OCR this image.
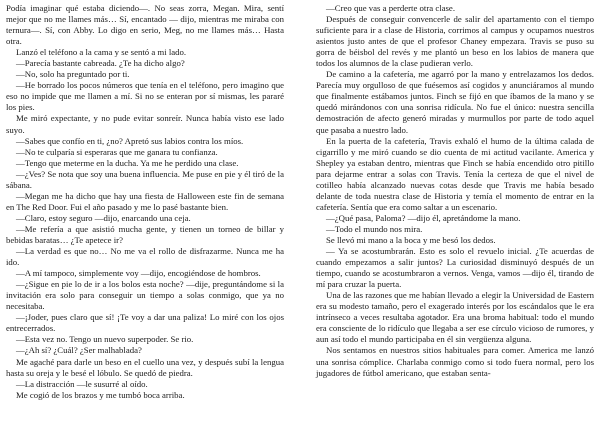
Podía imaginar qué estaba diciendo—. No seas zorra, Megan. Mira, sentí mejor que no me llames más… Sí, encantado — dijo, mientras me miraba con ternura—. Sí, con Abby. Lo digo en serio, Meg, no me llames más… Hasta otra.

Lanzó el teléfono a la cama y se sentó a mi lado.

—Parecía bastante cabreada. ¿Te ha dicho algo?

—No, solo ha preguntado por ti.

—He borrado los pocos números que tenía en el teléfono, pero imagino que eso no impide que me llamen a mí. Si no se enteran por sí mismas, les pararé los pies.

Me miró expectante, y no pude evitar sonreír. Nunca había visto ese lado suyo.

—Sabes que confío en ti, ¿no? Apretó sus labios contra los míos.

—No te culparía si esperaras que me ganara tu confianza.

—Tengo que meterme en la ducha. Ya me he perdido una clase.

—¿Ves? Se nota que soy una buena influencia. Me puse en pie y él tiró de la sábana.

—Megan me ha dicho que hay una fiesta de Halloween este fin de semana en The Red Door. Fui el año pasado y me lo pasé bastante bien.

—Claro, estoy seguro —dijo, enarcando una ceja.

—Me refería a que asistió mucha gente, y tienen un torneo de billar y bebidas baratas… ¿Te apetece ir?

—La verdad es que no… No me va el rollo de disfrazarme. Nunca me ha ido.

—A mí tampoco, simplemente voy —dijo, encogiéndose de hombros.

—¿Sigue en pie lo de ir a los bolos esta noche? —dije, preguntándome si la invitación era solo para conseguir un tiempo a solas conmigo, que ya no necesitaba.

—¡Joder, pues claro que sí! ¡Te voy a dar una paliza! Lo miré con los ojos entrecerrados.

—Esta vez no. Tengo un nuevo superpoder. Se rio.

—¿Ah sí? ¿Cuál? ¿Ser malhablada?

Me agaché para darle un beso en el cuello una vez, y después subí la lengua hasta su oreja y le besé el lóbulo. Se quedó de piedra.

—La distracción —le susurré al oído.

Me cogió de los brazos y me tumbó boca arriba.

—Creo que vas a perderte otra clase.

Después de conseguir convencerle de salir del apartamento con el tiempo suficiente para ir a clase de Historia, corrimos al campus y ocupamos nuestros asientos justo antes de que el profesor Chaney empezara. Travis se puso su gorra de béisbol del revés y me plantó un beso en los labios de manera que todos los alumnos de la clase pudieran verlo.

De camino a la cafetería, me agarró por la mano y entrelazamos los dedos. Parecía muy orgulloso de que fuésemos así cogidos y anunciáramos al mundo que finalmente estábamos juntos. Finch se fijó en que íbamos de la mano y se quedó mirándonos con una sonrisa ridícula. No fue el único: nuestra sencilla demostración de afecto generó miradas y murmullos por parte de todo aquel que pasaba a nuestro lado.

En la puerta de la cafetería, Travis exhaló el humo de la última calada de cigarrillo y me miró cuando se dio cuenta de mi actitud vacilante. America y Shepley ya estaban dentro, mientras que Finch se había encendido otro pitillo para dejarme entrar a solas con Travis. Tenía la certeza de que el nivel de cotilleo había alcanzado nuevas cotas desde que Travis me había besado delante de toda nuestra clase de Historia y temía el momento de entrar en la cafetería. Sentía que era como saltar a un escenario.

—¿Qué pasa, Paloma? —dijo él, apretándome la mano.

—Todo el mundo nos mira.

Se llevó mi mano a la boca y me besó los dedos.

— Ya se acostumbrarán. Esto es solo el revuelo inicial. ¿Te acuerdas de cuando empezamos a salir juntos? La curiosidad disminuyó después de un tiempo, cuando se acostumbraron a vernos. Venga, vamos —dijo él, tirando de mí para cruzar la puerta.

Una de las razones que me habían llevado a elegir la Universidad de Eastern era su modesto tamaño, pero el exagerado interés por los escándalos que le era intrínseco a veces resultaba agotador. Era una broma habitual: todo el mundo era consciente de lo ridículo que llegaba a ser ese círculo vicioso de rumores, y aun así todo el mundo participaba en él sin vergüenza alguna.

Nos sentamos en nuestros sitios habituales para comer. America me lanzó una sonrisa cómplice. Charlaba conmigo como si todo fuera normal, pero los jugadores de fútbol americano, que estaban senta-
